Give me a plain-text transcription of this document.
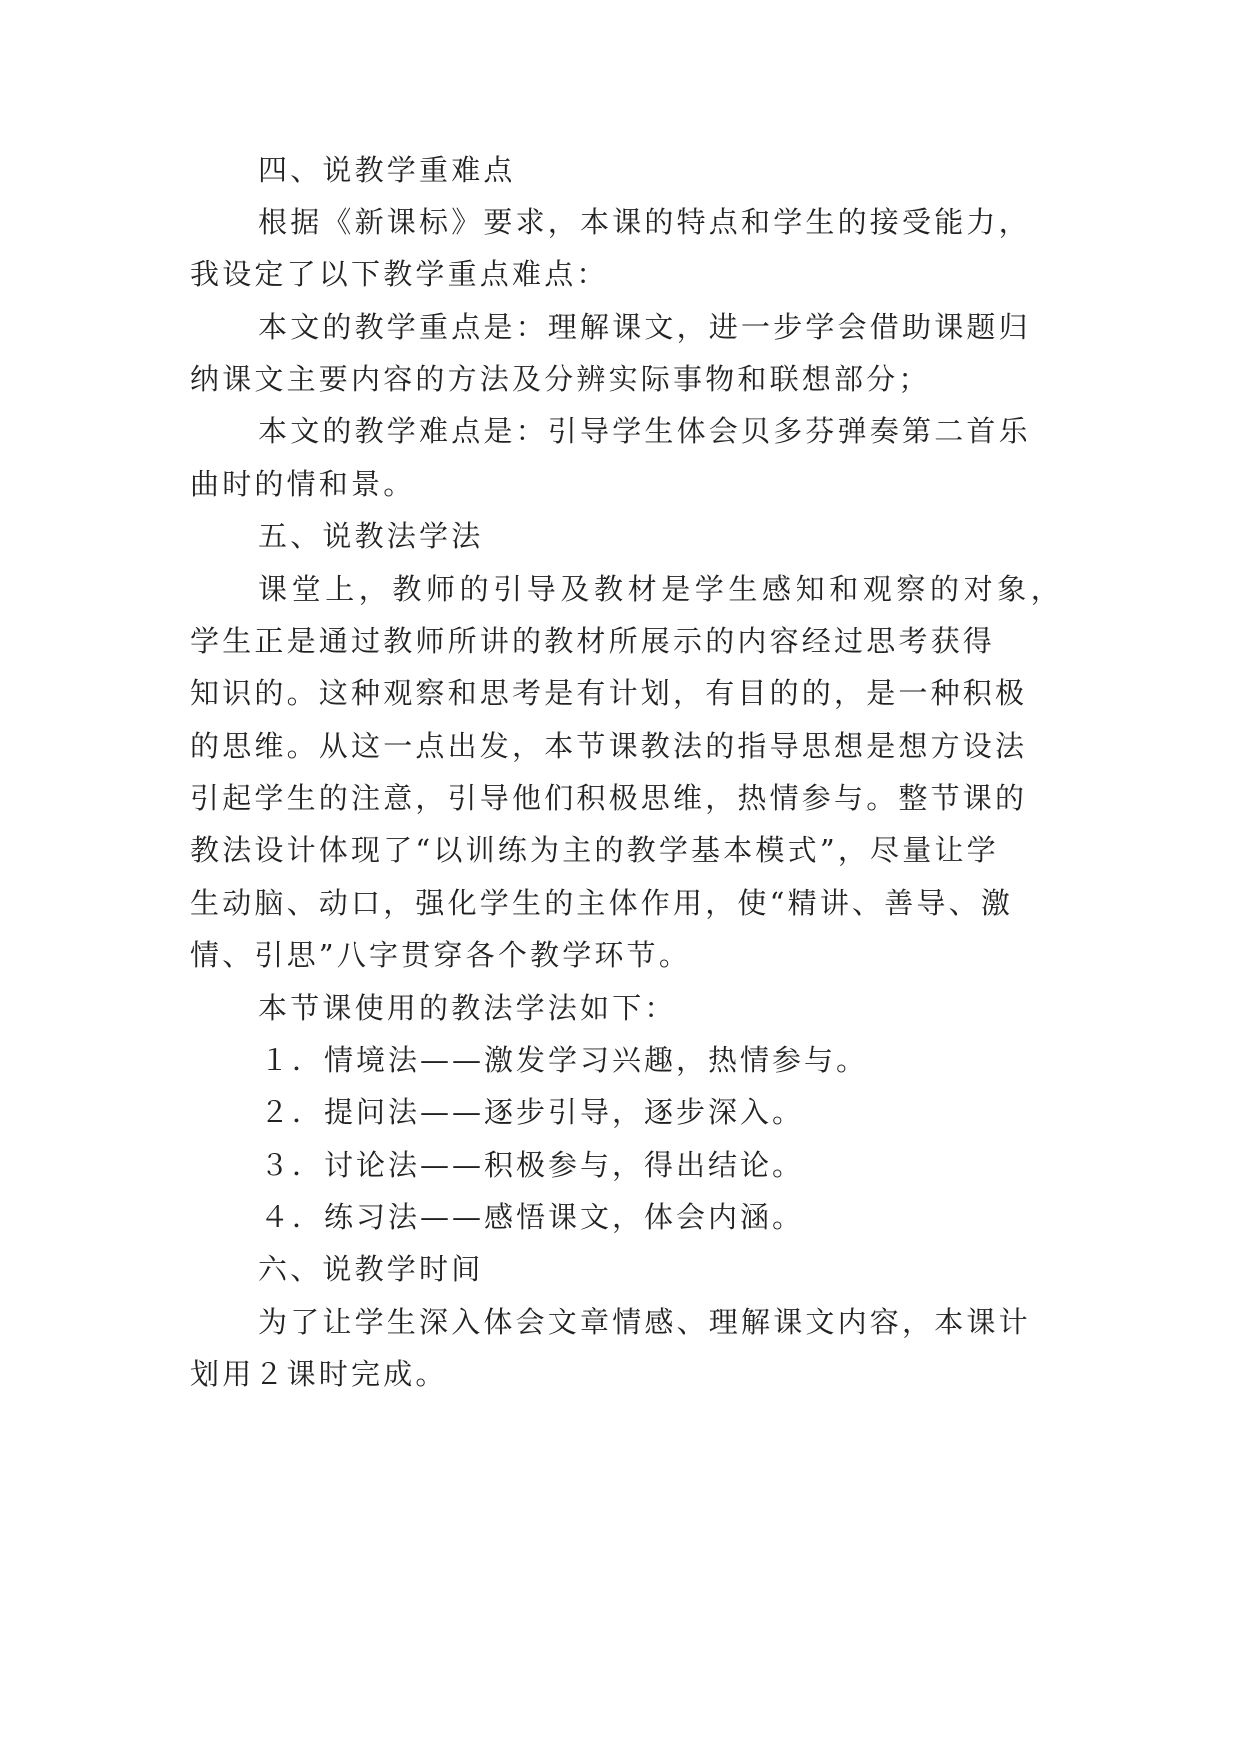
四、说教学重难点

根据《新课标》要求，本课的特点和学生的接受能力，

我设定了以下教学重点难点：

本文的教学重点是：理解课文，进一步学会借助课题归

纳课文主要内容的方法及分辨实际事物和联想部分；

本文的教学难点是：引导学生体会贝多芬弹奏第二首乐

曲时的情和景。

五、说教法学法

课堂上，教师的引导及教材是学生感知和观察的对象，

学生正是通过教师所讲的教材所展示的内容经过思考获得

知识的。这种观察和思考是有计划，有目的的，是一种积极

的思维。从这一点出发，本节课教法的指导思想是想方设法

引起学生的注意，引导他们积极思维，热情参与。整节课的

教法设计体现了“以训练为主的教学基本模式”，尽量让学

生动脑、动口，强化学生的主体作用，使“精讲、善导、激

情、引思”八字贯穿各个教学环节。

本节课使用的教法学法如下：

１．情境法——激发学习兴趣，热情参与。

２．提问法——逐步引导，逐步深入。

３．讨论法——积极参与，得出结论。

４．练习法——感悟课文，体会内涵。

六、说教学时间

为了让学生深入体会文章情感、理解课文内容，本课计

划用２课时完成。
